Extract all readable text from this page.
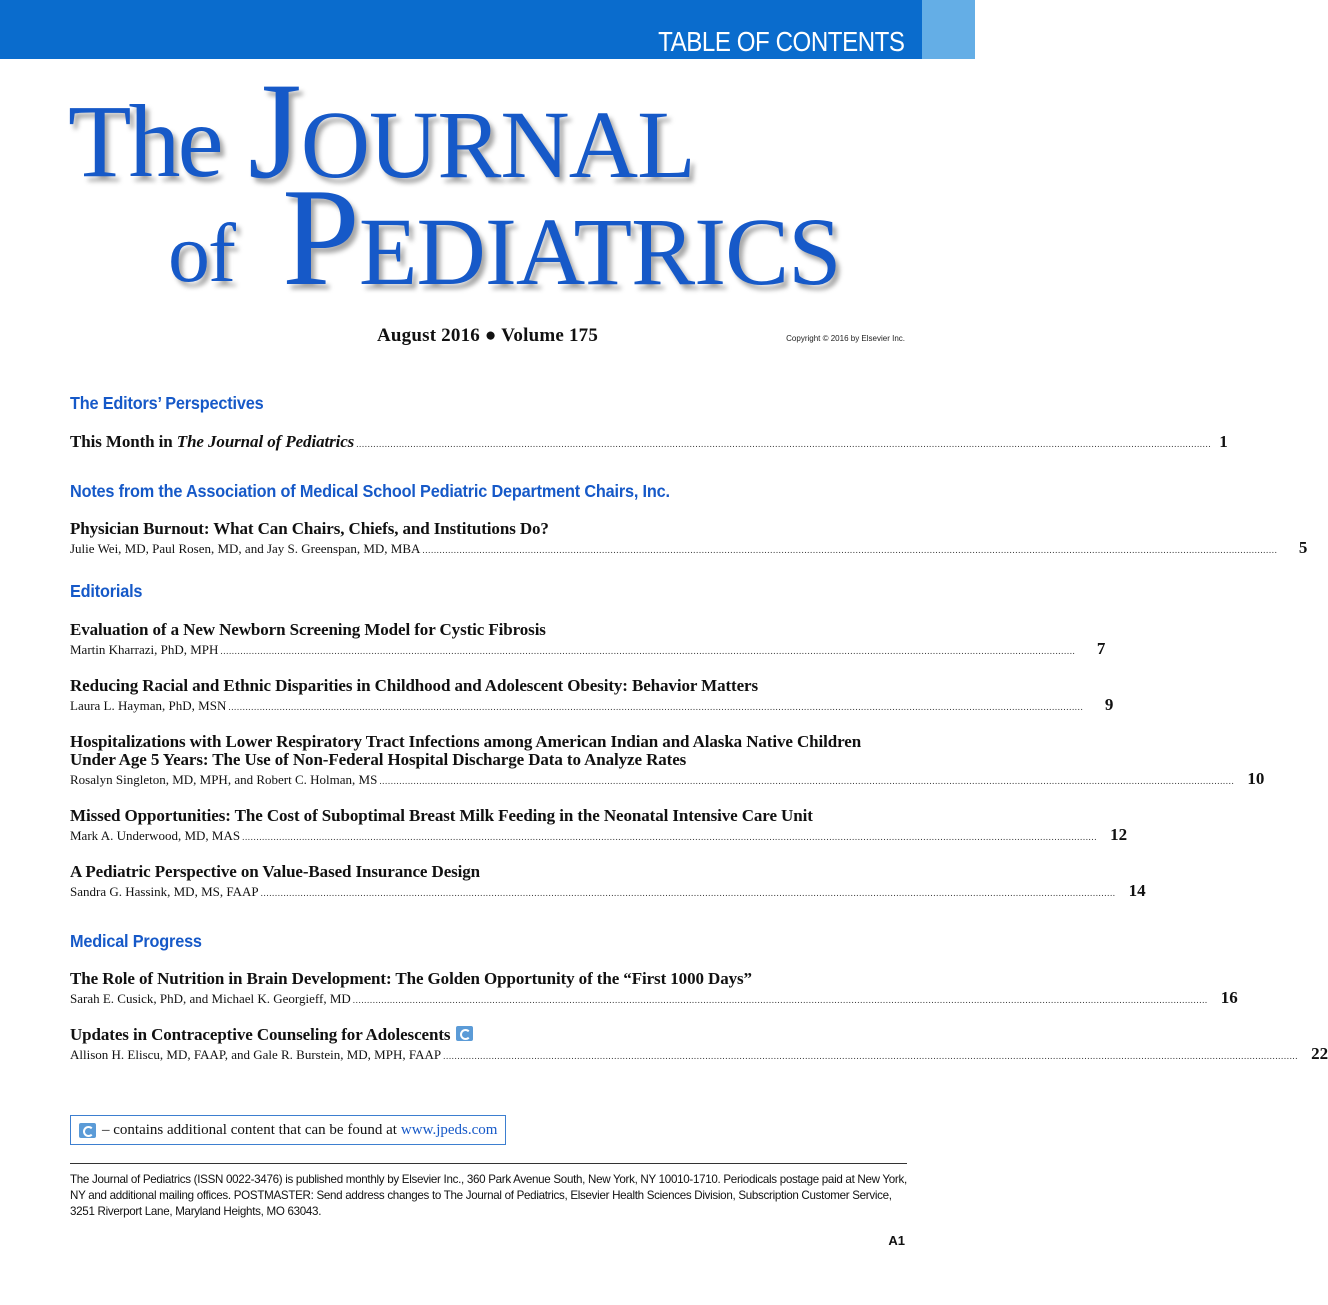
TABLE OF CONTENTS
The JOURNAL
of PEDIATRICS
August 2016 ● Volume 175	Copyright © 2016 by Elsevier Inc.
The Editors’ Perspectives
This Month in The Journal of Pediatrics ............................................................................................................................................................................................................................................................................................................ 1
Notes from the Association of Medical School Pediatric Department Chairs, Inc.
Physician Burnout: What Can Chairs, Chiefs, and Institutions Do?
Julie Wei, MD, Paul Rosen, MD, and Jay S. Greenspan, MD, MBA ............................................................................................................................................................................................................................................................................................................	5
Editorials
Evaluation of a New Newborn Screening Model for Cystic Fibrosis
Martin Kharrazi, PhD, MPH ............................................................................................................................................................................................................................................................................................................	7
Reducing Racial and Ethnic Disparities in Childhood and Adolescent Obesity: Behavior Matters
Laura L. Hayman, PhD, MSN ............................................................................................................................................................................................................................................................................................................	9
Hospitalizations with Lower Respiratory Tract Infections among American Indian and Alaska Native Children Under Age 5 Years: The Use of Non-Federal Hospital Discharge Data to Analyze Rates
Rosalyn Singleton, MD, MPH, and Robert C. Holman, MS ............................................................................................................................................................................................................................................................................................................ 10
Missed Opportunities: The Cost of Suboptimal Breast Milk Feeding in the Neonatal Intensive Care Unit
Mark A. Underwood, MD, MAS ............................................................................................................................................................................................................................................................................................................ 12
A Pediatric Perspective on Value-Based Insurance Design
Sandra G. Hassink, MD, MS, FAAP ............................................................................................................................................................................................................................................................................................................ 14
Medical Progress
The Role of Nutrition in Brain Development: The Golden Opportunity of the “First 1000 Days”
Sarah E. Cusick, PhD, and Michael K. Georgieff, MD ............................................................................................................................................................................................................................................................................................................ 16
Updates in Contraceptive Counseling for Adolescents
Allison H. Eliscu, MD, FAAP, and Gale R. Burstein, MD, MPH, FAAP ............................................................................................................................................................................................................................................................................................................ 22
– contains additional content that can be found at www.jpeds.com
The Journal of Pediatrics (ISSN 0022-3476) is published monthly by Elsevier Inc., 360 Park Avenue South, New York, NY 10010-1710. Periodicals postage paid at New York, NY and additional mailing offices. POSTMASTER: Send address changes to The Journal of Pediatrics, Elsevier Health Sciences Division, Subscription Customer Service, 3251 Riverport Lane, Maryland Heights, MO 63043.
A1
